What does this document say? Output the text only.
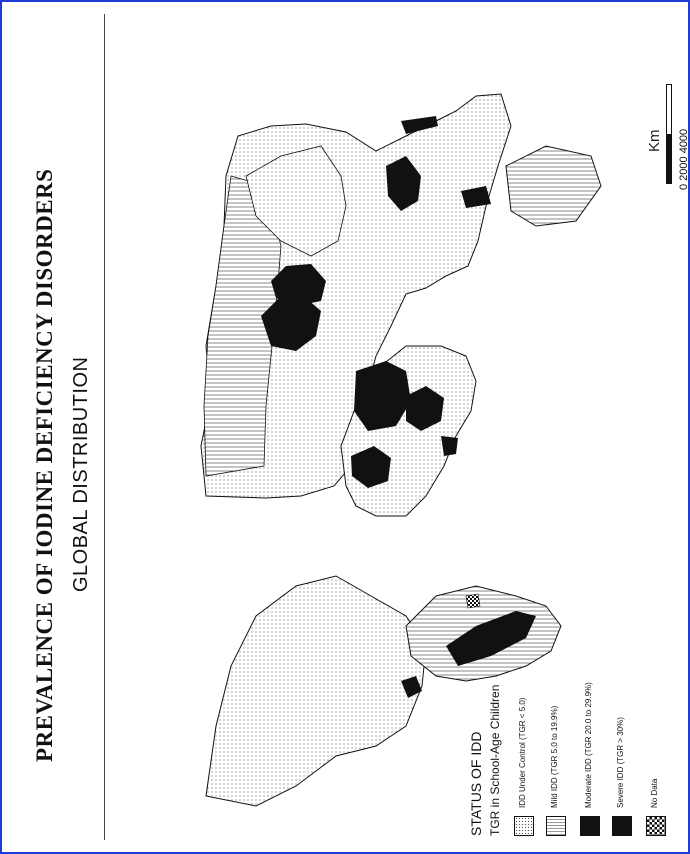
PREVALENCE OF IODINE DEFICIENCY DISORDERS GLOBAL DISTRIBUTION
STATUS OF IDD TGR in School-Age Children IDD Under Control (TGR < 5.0)	Mild IDD (TGR 5.0 to 19.9%)	Moderate IDD (TGR 20.0 to 29.9%)	Severe IDD (TGR > 30%)	No Data
Km 0 2000 4000
